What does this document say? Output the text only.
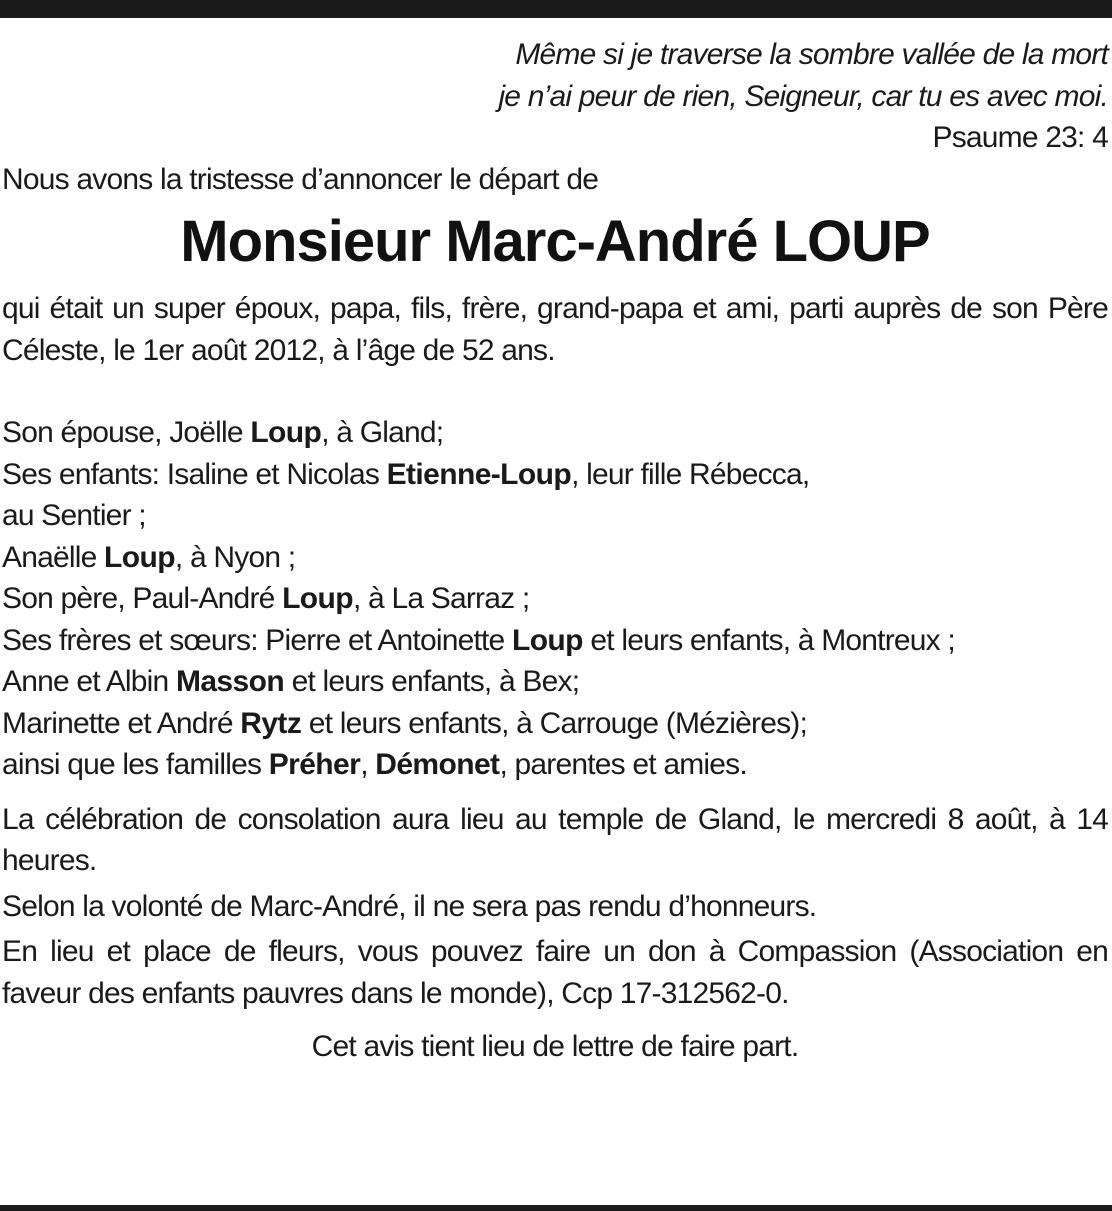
Même si je traverse la sombre vallée de la mort
je n’ai peur de rien, Seigneur, car tu es avec moi.
Psaume 23: 4
Nous avons la tristesse d’annoncer le départ de
Monsieur Marc-André LOUP
qui était un super époux, papa, fils, frère, grand-papa et ami, parti auprès de son Père Céleste, le 1er août 2012, à l’âge de 52 ans.
Son épouse, Joëlle Loup, à Gland;
Ses enfants: Isaline et Nicolas Etienne-Loup, leur fille Rébecca,
au Sentier ;
Anaëlle Loup, à Nyon ;
Son père, Paul-André Loup, à La Sarraz ;
Ses frères et sœurs: Pierre et Antoinette Loup et leurs enfants, à Montreux ;
Anne et Albin Masson et leurs enfants, à Bex;
Marinette et André Rytz et leurs enfants, à Carrouge (Mézières);
ainsi que les familles Préher, Démonet, parentes et amies.
La célébration de consolation aura lieu au temple de Gland, le mercredi 8 août, à 14 heures.
Selon la volonté de Marc-André, il ne sera pas rendu d’honneurs.
En lieu et place de fleurs, vous pouvez faire un don à Compassion (Association en faveur des enfants pauvres dans le monde), Ccp 17-312562-0.
Cet avis tient lieu de lettre de faire part.
